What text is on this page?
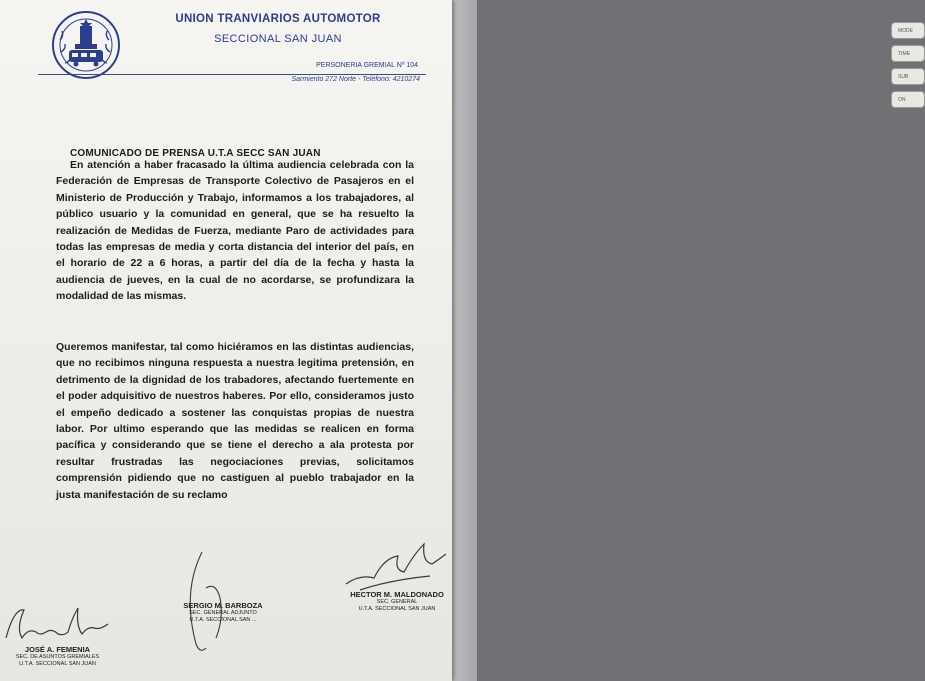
MODE
TIME
SUB
ON
UNION TRANVIARIOS AUTOMOTOR
SECCIONAL SAN JUAN
PERSONERIA GREMIAL Nº 104
Sarmiento 272 Norte - Teléfono: 4210274
COMUNICADO DE PRENSA U.T.A SECC SAN JUAN
En atención a haber fracasado la última audiencia celebrada con la Federación de Empresas de Transporte Colectivo de Pasajeros en el Ministerio de Producción y Trabajo, informamos a los trabajadores, al público usuario y la comunidad en general, que se ha resuelto la realización de Medidas de Fuerza, mediante Paro de actividades para todas las empresas de media y corta distancia del interior del país, en el horario de 22 a 6 horas, a partir del día de la fecha y hasta la audiencia de jueves, en la cual de no acordarse, se profundizara la modalidad de las mismas.
Queremos manifestar, tal como hiciéramos en las distintas audiencias, que no recibimos ninguna respuesta a nuestra legitima pretensión, en detrimento de la dignidad de los trabadores, afectando fuertemente en el poder adquisitivo de nuestros haberes. Por ello, consideramos justo el empeño dedicado a sostener las conquistas propias de nuestra labor. Por ultimo esperando que las medidas se realicen en forma pacífica y considerando que se tiene el derecho a ala protesta por resultar frustradas las negociaciones previas, solicitamos comprensión pidiendo que no castiguen al pueblo trabajador en la justa manifestación de su reclamo
JOSÉ A. FEMENIA
SEC. DE ASUNTOS GREMIALES
U.T.A. SECCIONAL SAN JUAN
SERGIO M. BARBOZA
SEC. GENERAL ADJUNTO
U.T.A. SECCIONAL SAN ...
HECTOR M. MALDONADO
SEC. GENERAL
U.T.A. SECCIONAL SAN JUAN
